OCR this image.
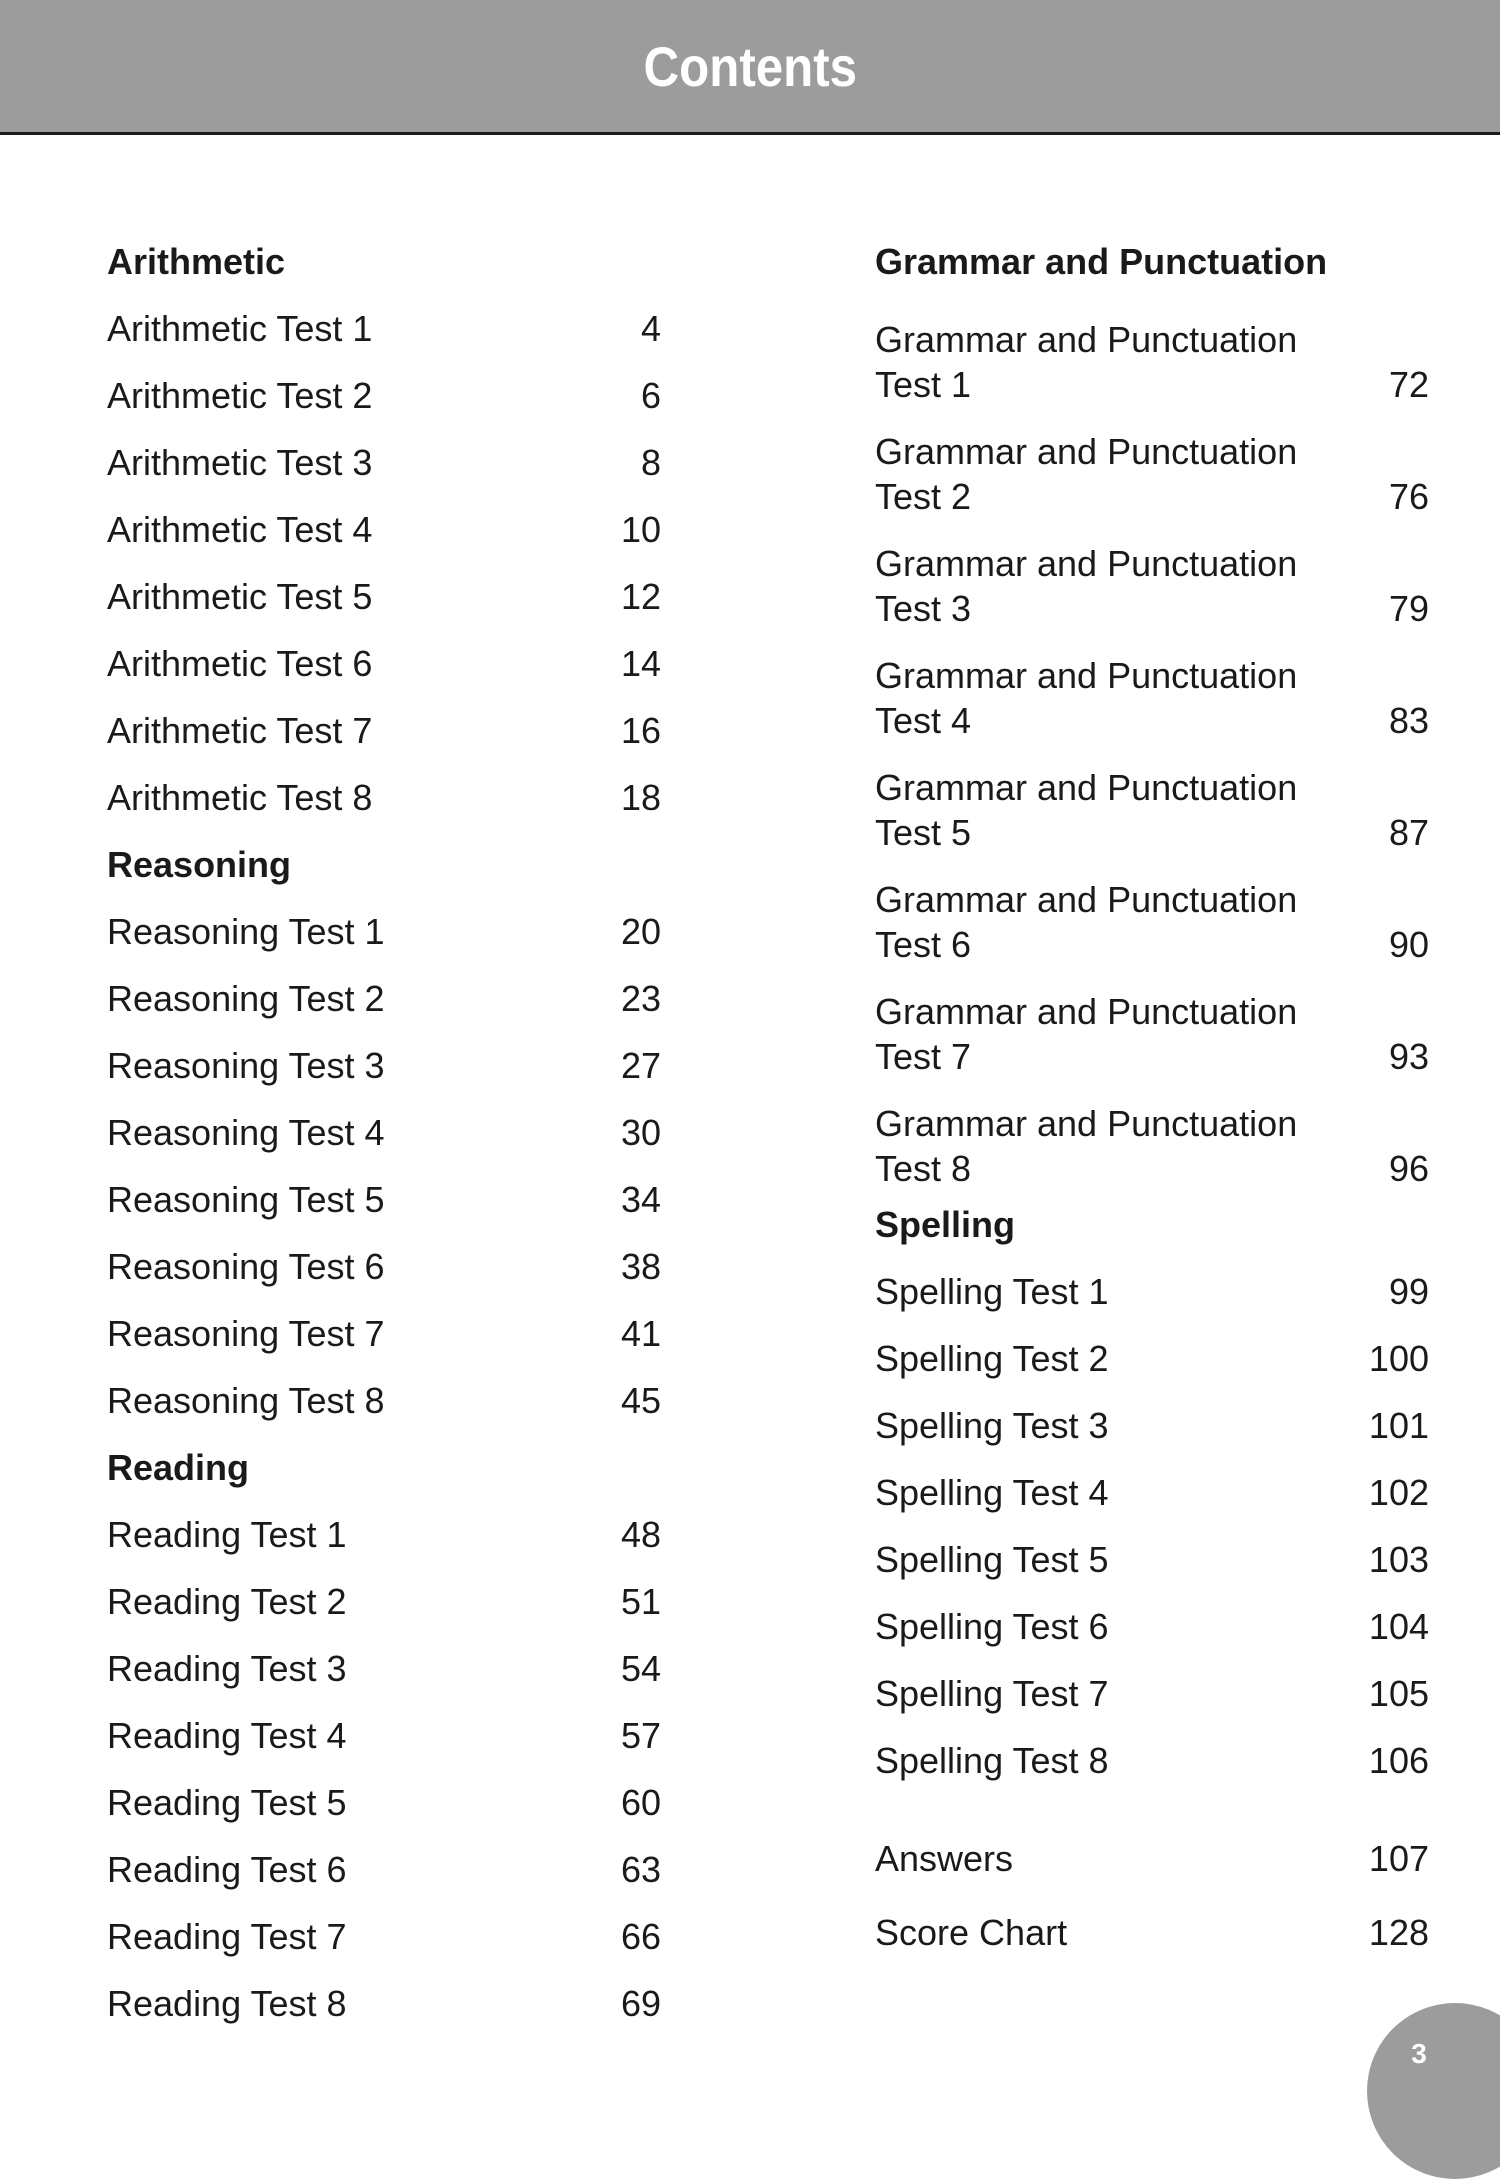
Contents
Arithmetic
Arithmetic Test 1	4
Arithmetic Test 2	6
Arithmetic Test 3	8
Arithmetic Test 4	10
Arithmetic Test 5	12
Arithmetic Test 6	14
Arithmetic Test 7	16
Arithmetic Test 8	18
Reasoning
Reasoning Test 1	20
Reasoning Test 2	23
Reasoning Test 3	27
Reasoning Test 4	30
Reasoning Test 5	34
Reasoning Test 6	38
Reasoning Test 7	41
Reasoning Test 8	45
Reading
Reading Test 1	48
Reading Test 2	51
Reading Test 3	54
Reading Test 4	57
Reading Test 5	60
Reading Test 6	63
Reading Test 7	66
Reading Test 8	69
Grammar and Punctuation
Grammar and Punctuation Test 1	72
Grammar and Punctuation Test 2	76
Grammar and Punctuation Test 3	79
Grammar and Punctuation Test 4	83
Grammar and Punctuation Test 5	87
Grammar and Punctuation Test 6	90
Grammar and Punctuation Test 7	93
Grammar and Punctuation Test 8	96
Spelling
Spelling Test 1	99
Spelling Test 2	100
Spelling Test 3	101
Spelling Test 4	102
Spelling Test 5	103
Spelling Test 6	104
Spelling Test 7	105
Spelling Test 8	106
Answers	107
Score Chart	128
3
